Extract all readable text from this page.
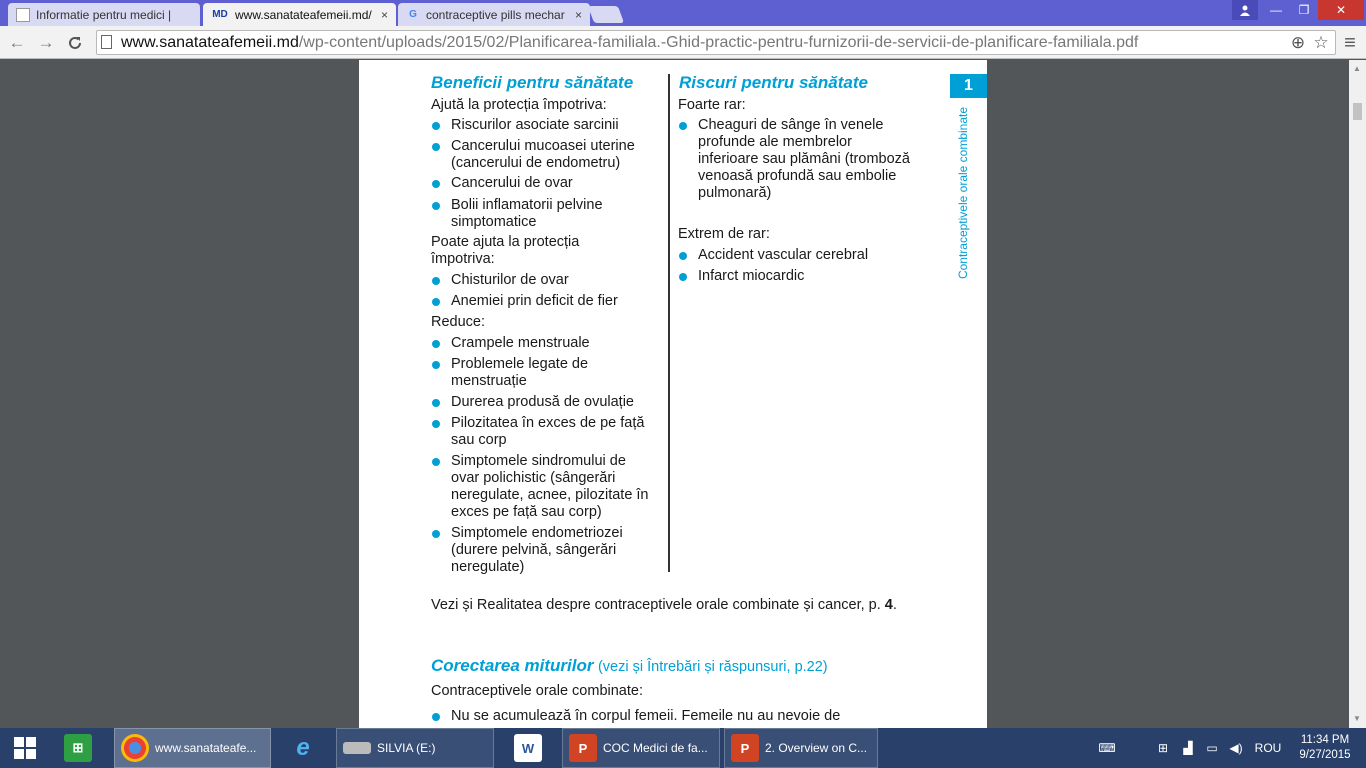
Informatie pentru medici |	MD www.sanatateafemeii.md/ ×	G contraceptive pills mechar ×	—	❐	✕
← →	www.sanatateafemeii.md /wp-content/uploads/2015/02/Planificarea-familiala.-Ghid-practic-pentru-furnizorii-de-servicii-de-planificare-familiala.pdf	⊕ ☆ ≡
Beneficii pentru sănătate
Ajută la protecția împotriva:
Riscurilor asociate sarcinii
Cancerului mucoasei uterine (cancerului de endometru)
Cancerului de ovar
Bolii inflamatorii pelvine simptomatice
Poate ajuta la protecția împotriva:
Chisturilor de ovar
Anemiei prin deficit de fier
Reduce:
Crampele menstruale
Problemele legate de menstruație
Durerea produsă de ovulație
Pilozitatea în exces de pe față sau corp
Simptomele sindromului de ovar polichistic (sângerări neregulate, acnee, pilozitate în exces pe față sau corp)
Simptomele endometriozei (durere pelvină, sângerări neregulate)
Riscuri pentru sănătate
Foarte rar:
Cheaguri de sânge în venele profunde ale membrelor inferioare sau plămâni (tromboză venoasă profundă sau embolie pulmonară)
Extrem de rar:
Accident vascular cerebral
Infarct miocardic
1
Contraceptivele orale combinate
Vezi și Realitatea despre contraceptivele orale combinate și cancer, p. 4.
Corectarea miturilor (vezi și Întrebări și răspunsuri, p.22)
Contraceptivele orale combinate:
Nu se acumulează în corpul femeii. Femeile nu au nevoie de
▲
▼
⊞	www.sanatateafe...	e	SILVIA (E:)	W	P	COC Medici de fa...	P	2. Overview on C...	⌨	⊞	▟	▭ ◀) ROU
11:34 PM
9/27/2015
